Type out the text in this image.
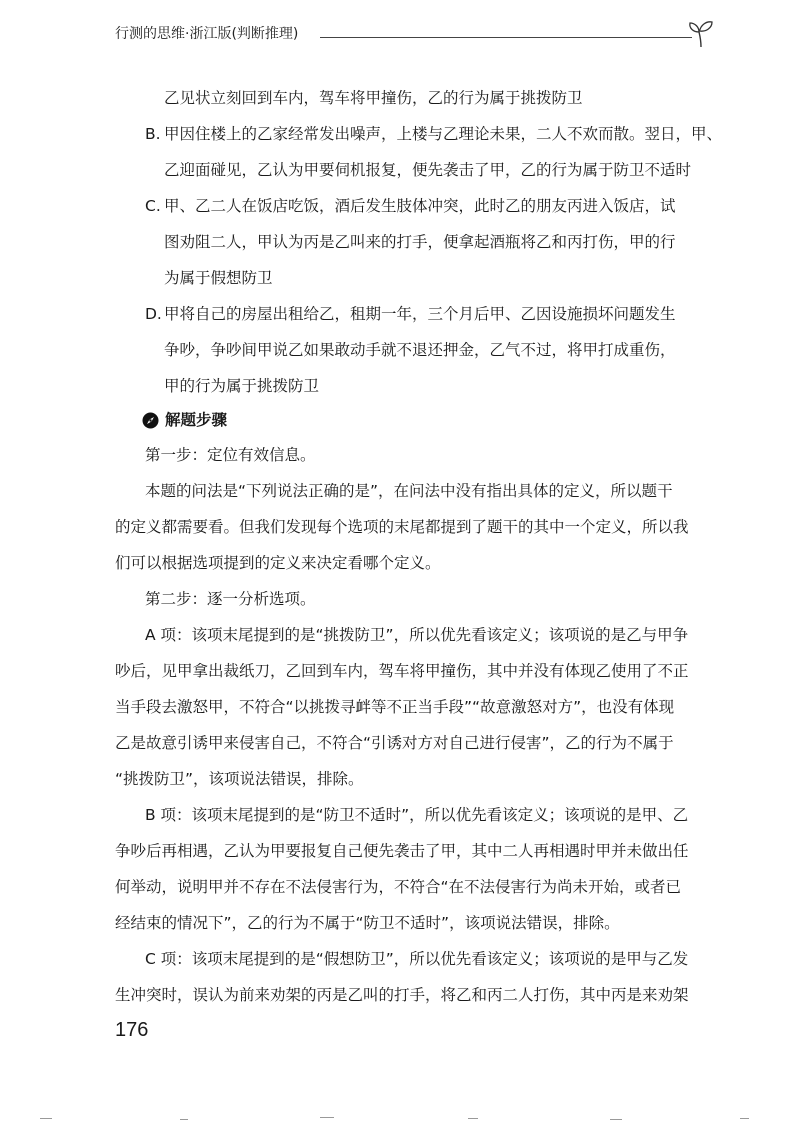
行测的思维·浙江版(判断推理)
乙见状立刻回到车内，驾车将甲撞伤，乙的行为属于挑拨防卫
B. 甲因住楼上的乙家经常发出噪声，上楼与乙理论未果，二人不欢而散。翌日，甲、
乙迎面碰见，乙认为甲要伺机报复，便先袭击了甲，乙的行为属于防卫不适时
C. 甲、乙二人在饭店吃饭，酒后发生肢体冲突，此时乙的朋友丙进入饭店，试
图劝阻二人，甲认为丙是乙叫来的打手，便拿起酒瓶将乙和丙打伤，甲的行
为属于假想防卫
D. 甲将自己的房屋出租给乙，租期一年，三个月后甲、乙因设施损坏问题发生
争吵，争吵间甲说乙如果敢动手就不退还押金，乙气不过，将甲打成重伤，
甲的行为属于挑拨防卫
解题步骤
第一步：定位有效信息。
本题的问法是“下列说法正确的是”，在问法中没有指出具体的定义，所以题干
的定义都需要看。但我们发现每个选项的末尾都提到了题干的其中一个定义，所以我
们可以根据选项提到的定义来决定看哪个定义。
第二步：逐一分析选项。
A 项：该项末尾提到的是“挑拨防卫”，所以优先看该定义；该项说的是乙与甲争
吵后，见甲拿出裁纸刀，乙回到车内，驾车将甲撞伤，其中并没有体现乙使用了不正
当手段去激怒甲，不符合“以挑拨寻衅等不正当手段”“故意激怒对方”，也没有体现
乙是故意引诱甲来侵害自己，不符合“引诱对方对自己进行侵害”，乙的行为不属于
“挑拨防卫”，该项说法错误，排除。
B 项：该项末尾提到的是“防卫不适时”，所以优先看该定义；该项说的是甲、乙
争吵后再相遇，乙认为甲要报复自己便先袭击了甲，其中二人再相遇时甲并未做出任
何举动，说明甲并不存在不法侵害行为，不符合“在不法侵害行为尚未开始，或者已
经结束的情况下”，乙的行为不属于“防卫不适时”，该项说法错误，排除。
C 项：该项末尾提到的是“假想防卫”，所以优先看该定义；该项说的是甲与乙发
生冲突时，误认为前来劝架的丙是乙叫的打手，将乙和丙二人打伤，其中丙是来劝架
176
